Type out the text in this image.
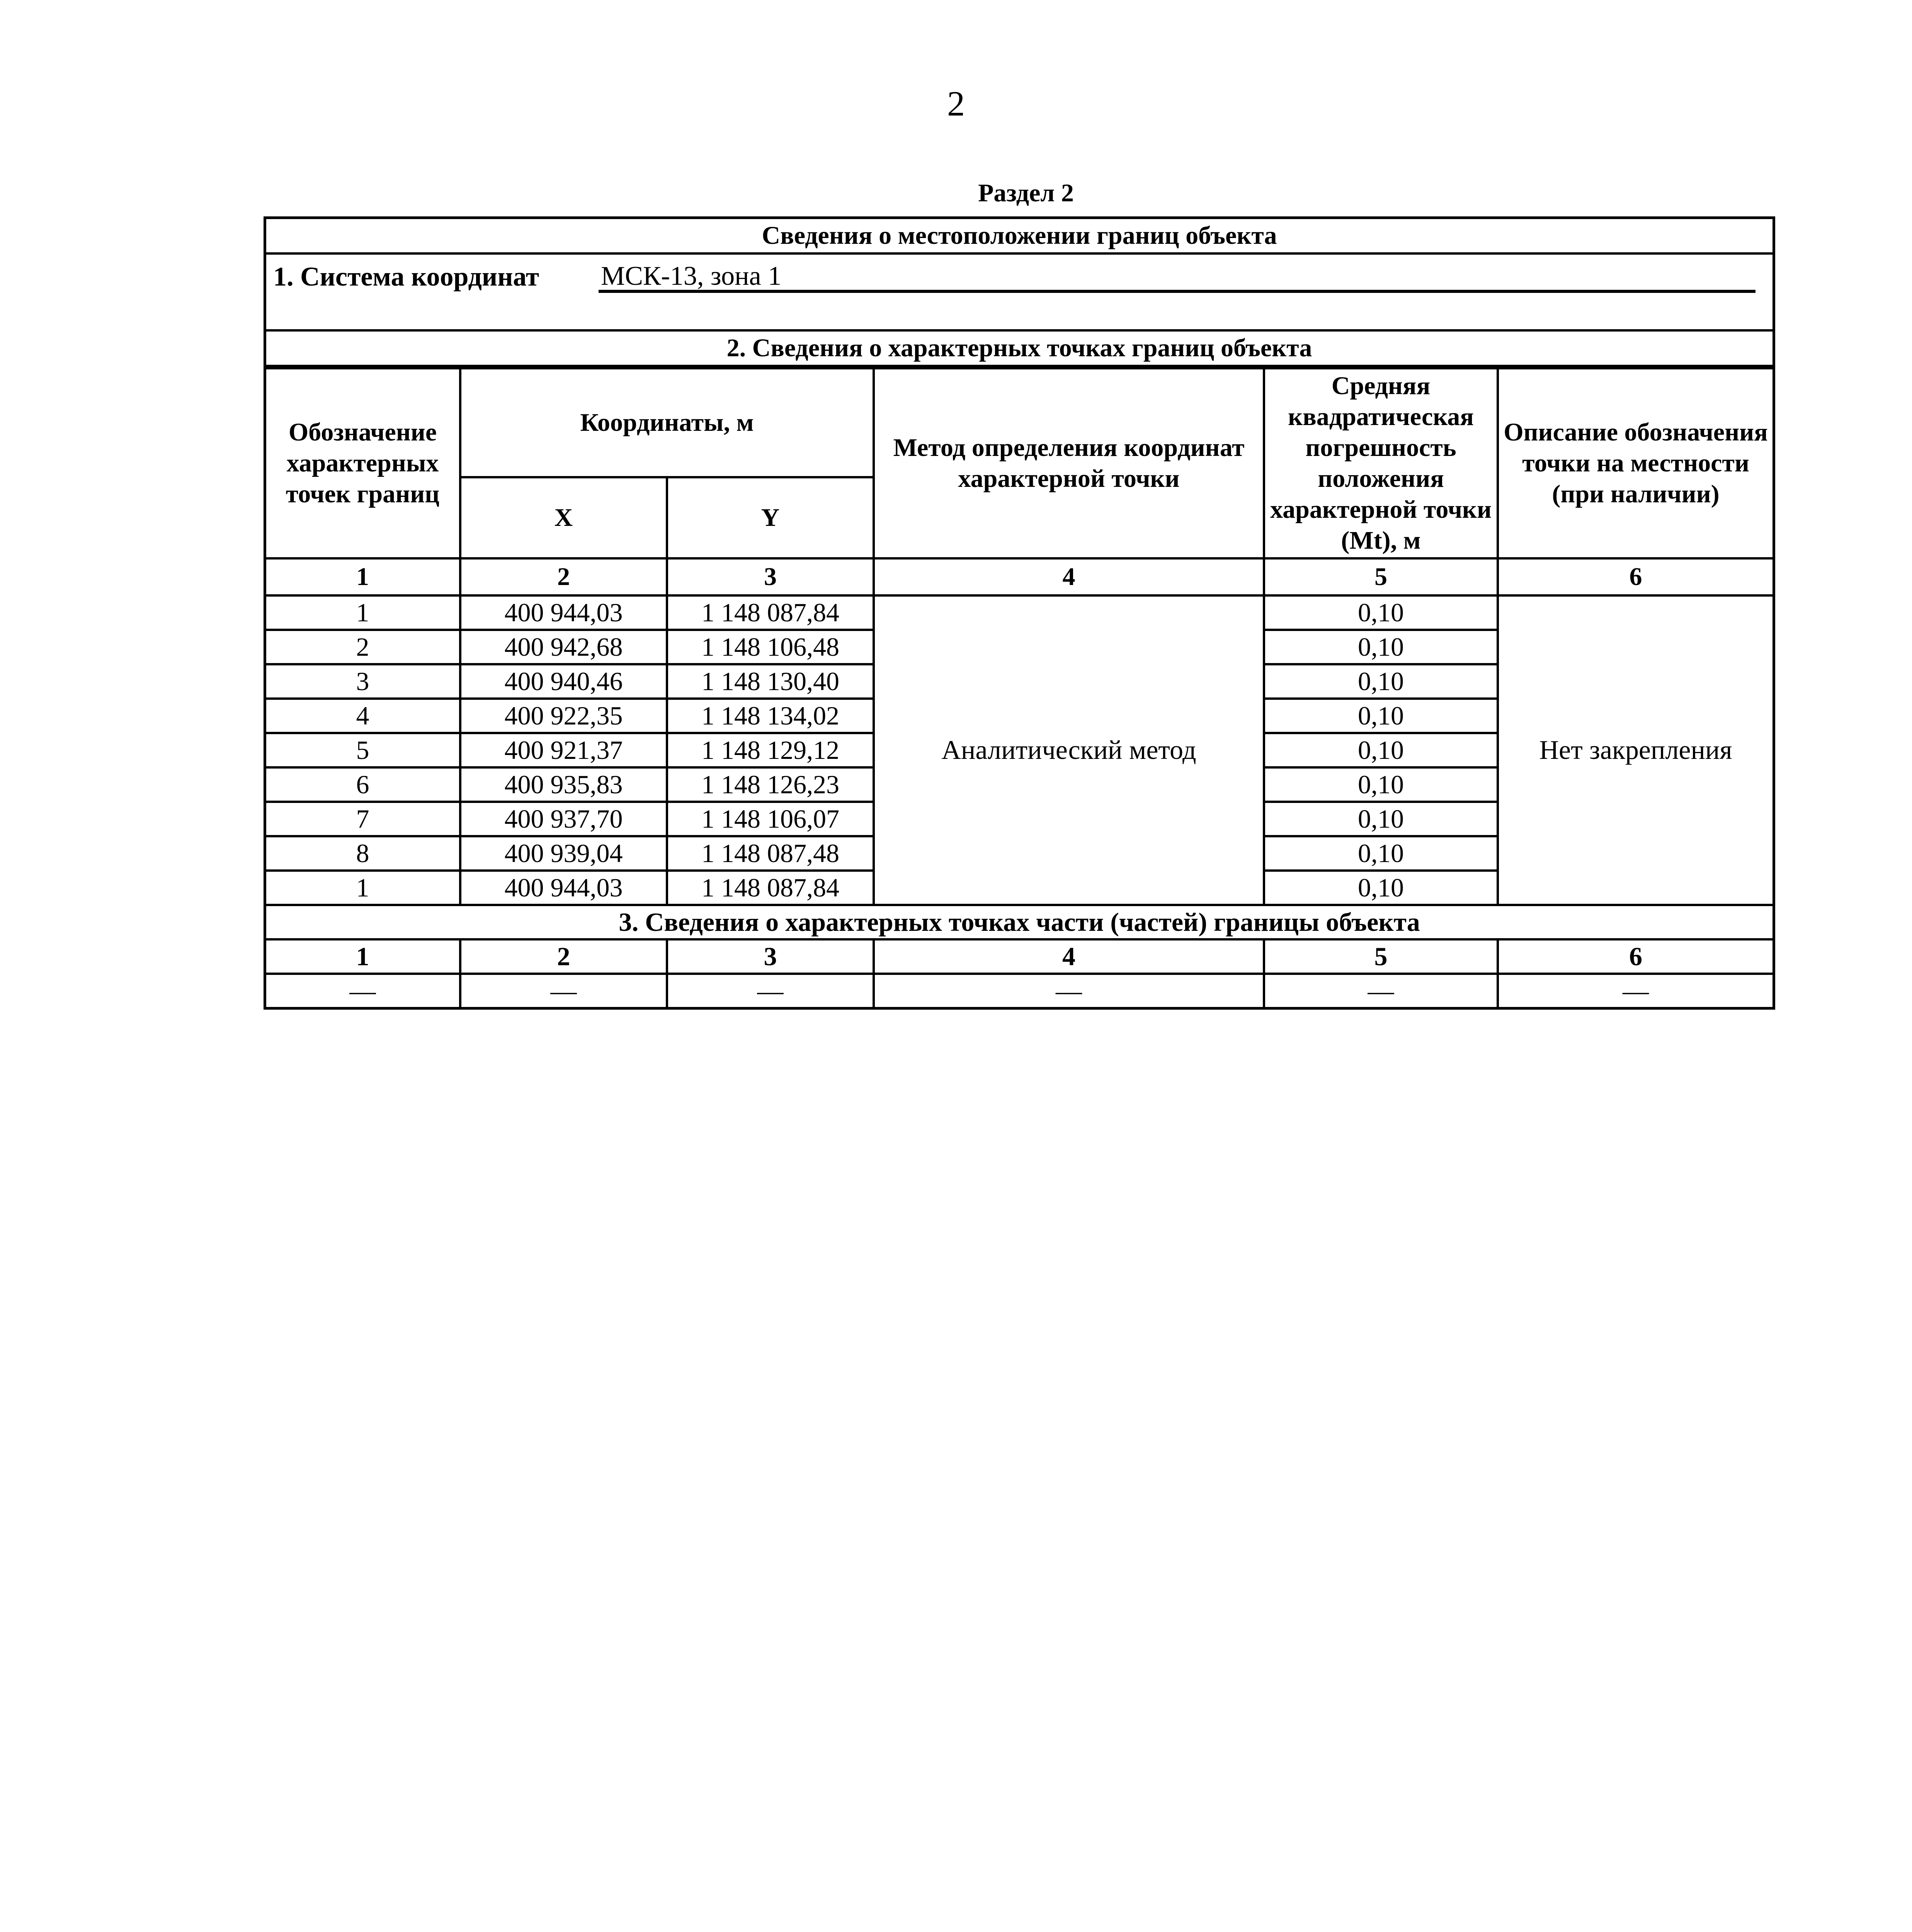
2
Раздел 2
Сведения о местоположении границ объекта
1. Система координат МСК-13, зона 1
2. Сведения о характерных точках границ объекта
Обозначение характерных точек границ	Координаты, м		Метод определения координат характерной точки	Средняя квадратическая погрешность положения характерной точки (Mt), м	Описание обозначения точки на местности (при наличии)
	X	Y			
1	2	3	4	5	6
1	400 944,03	1 148 087,84	Аналитический метод	0,10	Нет закрепления
2	400 942,68	1 148 106,48		0,10	
3	400 940,46	1 148 130,40		0,10	
4	400 922,35	1 148 134,02		0,10	
5	400 921,37	1 148 129,12		0,10	
6	400 935,83	1 148 126,23		0,10	
7	400 937,70	1 148 106,07		0,10	
8	400 939,04	1 148 087,48		0,10	
1	400 944,03	1 148 087,84		0,10	
3. Сведения о характерных точках части (частей) границы объекта					
1	2	3	4	5	6
—	—	—	—	—	—
